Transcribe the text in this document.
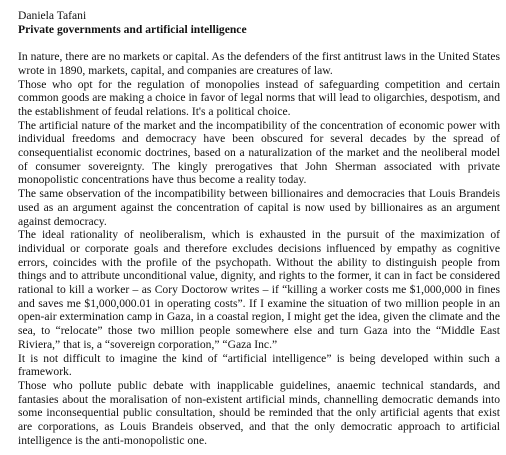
Daniela Tafani

Private governments and artificial intelligence

In nature, there are no markets or capital. As the defenders of the first antitrust laws in the United States wrote in 1890, markets, capital, and companies are creatures of law.

Those who opt for the regulation of monopolies instead of safeguarding competition and certain common goods are making a choice in favor of legal norms that will lead to oligarchies, despotism, and the establishment of feudal relations. It's a political choice.

The artificial nature of the market and the incompatibility of the concentration of economic power with individual freedoms and democracy have been obscured for several decades by the spread of consequentialist economic doctrines, based on a naturalization of the market and the neoliberal model of consumer sovereignty. The kingly prerogatives that John Sherman associated with private monopolistic concentrations have thus become a reality today.

The same observation of the incompatibility between billionaires and democracies that Louis Brandeis used as an argument against the concentration of capital is now used by billionaires as an argument against democracy.

The ideal rationality of neoliberalism, which is exhausted in the pursuit of the maximization of individual or corporate goals and therefore excludes decisions influenced by empathy as cognitive errors, coincides with the profile of the psychopath. Without the ability to distinguish people from things and to attribute unconditional value, dignity, and rights to the former, it can in fact be considered rational to kill a worker – as Cory Doctorow writes – if “killing a worker costs me $1,000,000 in fines and saves me $1,000,000.01 in operating costs”. If I examine the situation of two million people in an open-air extermination camp in Gaza, in a coastal region, I might get the idea, given the climate and the sea, to “relocate” those two million people somewhere else and turn Gaza into the “Middle East Riviera,” that is, a “sovereign corporation,” “Gaza Inc.”

It is not difficult to imagine the kind of “artificial intelligence” is being developed within such a framework.

Those who pollute public debate with inapplicable guidelines, anaemic technical standards, and fantasies about the moralisation of non-existent artificial minds, channelling democratic demands into some inconsequential public consultation, should be reminded that the only artificial agents that exist are corporations, as Louis Brandeis observed, and that the only democratic approach to artificial intelligence is the anti-monopolistic one.
